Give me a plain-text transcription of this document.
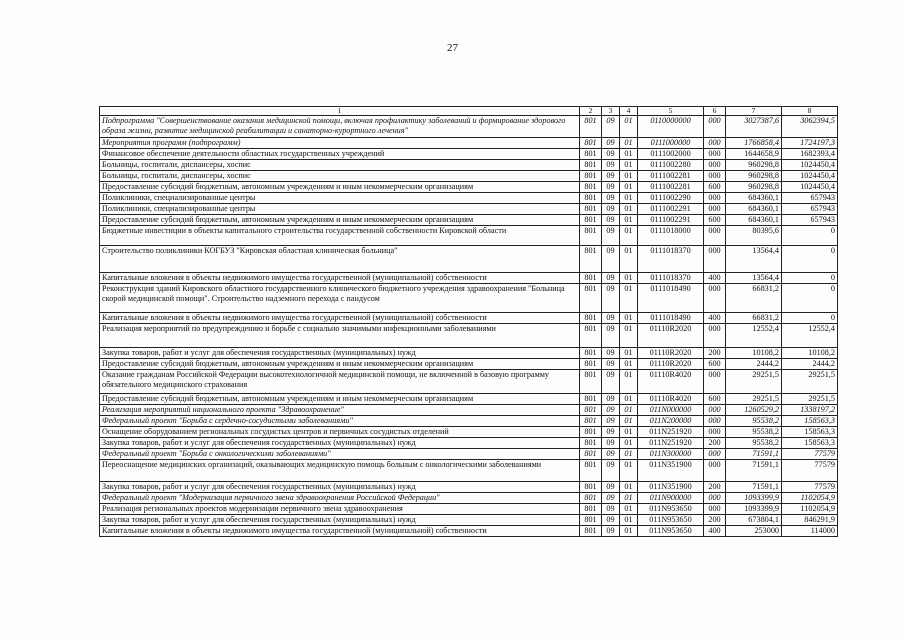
27
1	2	3	4	5	6	7	8
Подпрограмма "Совершенствование оказания медицинской помощи, включая профилактику заболеваний и формирование здорового образа жизни, развитие медицинской реабилитации и санаторно-курортного лечения"	801	09	01	0110000000	000	3027387,6	3062394,5
Мероприятия программ (подпрограмм)	801	09	01	0111000000	000	1766858,4	1724197,3
Финансовое обеспечение деятельности областных государственных учреждений	801	09	01	0111002000	000	1644658,9	1682393,4
Больницы, госпитали, диспансеры, хоспис	801	09	01	0111002280	000	960298,8	1024450,4
Больницы, госпитали, диспансеры, хоспис	801	09	01	0111002281	000	960298,8	1024450,4
Предоставление субсидий бюджетным, автономным учреждениям и иным некоммерческим организациям	801	09	01	0111002281	600	960298,8	1024450,4
Поликлиники, специализированные центры	801	09	01	0111002290	000	684360,1	657943
Поликлиники, специализированные центры	801	09	01	0111002291	000	684360,1	657943
Предоставление субсидий бюджетным, автономным учреждениям и иным некоммерческим организациям	801	09	01	0111002291	600	684360,1	657943
Бюджетные инвестиции в объекты капитального строительства государственной собственности Кировской области	801	09	01	0111018000	000	80395,6	0
Строительство поликлиники КОГБУЗ "Кировская областная клиническая больница"	801	09	01	0111018370	000	13564,4	0
Капитальные вложения в объекты недвижимого имущества государственной (муниципальной) собственности	801	09	01	0111018370	400	13564,4	0
Реконструкция зданий Кировского областного государственного клинического бюджетного учреждения здравоохранения "Больница скорой медицинской помощи". Строительство надземного перехода с пандусом	801	09	01	0111018490	000	66831,2	0
Капитальные вложения в объекты недвижимого имущества государственной (муниципальной) собственности	801	09	01	0111018490	400	66831,2	0
Реализация мероприятий по предупреждению и борьбе с социально значимыми инфекционными заболеваниями	801	09	01	01110R2020	000	12552,4	12552,4
Закупка товаров, работ и услуг для обеспечения государственных (муниципальных) нужд	801	09	01	01110R2020	200	10108,2	10108,2
Предоставление субсидий бюджетным, автономным учреждениям и иным некоммерческим организациям	801	09	01	01110R2020	600	2444,2	2444,2
Оказание гражданам Российской Федерации высокотехнологичной медицинской помощи, не включенной в базовую программу обязательного медицинского страхования	801	09	01	01110R4020	000	29251,5	29251,5
Предоставление субсидий бюджетным, автономным учреждениям и иным некоммерческим организациям	801	09	01	01110R4020	600	29251,5	29251,5
Реализация мероприятий национального проекта "Здравоохранение"	801	09	01	011N000000	000	1260529,2	1338197,2
Федеральный проект "Борьба с сердечно-сосудистыми заболеваниями"	801	09	01	011N200000	000	95538,2	158563,3
Оснащение оборудованием региональных сосудистых центров и первичных сосудистых отделений	801	09	01	011N251920	000	95538,2	158563,3
Закупка товаров, работ и услуг для обеспечения государственных (муниципальных) нужд	801	09	01	011N251920	200	95538,2	158563,3
Федеральный проект "Борьба с онкологическими заболеваниями"	801	09	01	011N300000	000	71591,1	77579
Переоснащение медицинских организаций, оказывающих медицинскую помощь больным с онкологическими заболеваниями	801	09	01	011N351900	000	71591,1	77579
Закупка товаров, работ и услуг для обеспечения государственных (муниципальных) нужд	801	09	01	011N351900	200	71591,1	77579
Федеральный проект "Модернизация первичного звена здравоохранения Российской Федерации"	801	09	01	011N900000	000	1093399,9	1102054,9
Реализация региональных проектов модернизации первичного звена здравоохранения	801	09	01	011N953650	000	1093399,9	1102054,9
Закупка товаров, работ и услуг для обеспечения государственных (муниципальных) нужд	801	09	01	011N953650	200	673804,1	846291,9
Капитальные вложения в объекты недвижимого имущества государственной (муниципальной) собственности	801	09	01	011N953650	400	253000	114000
